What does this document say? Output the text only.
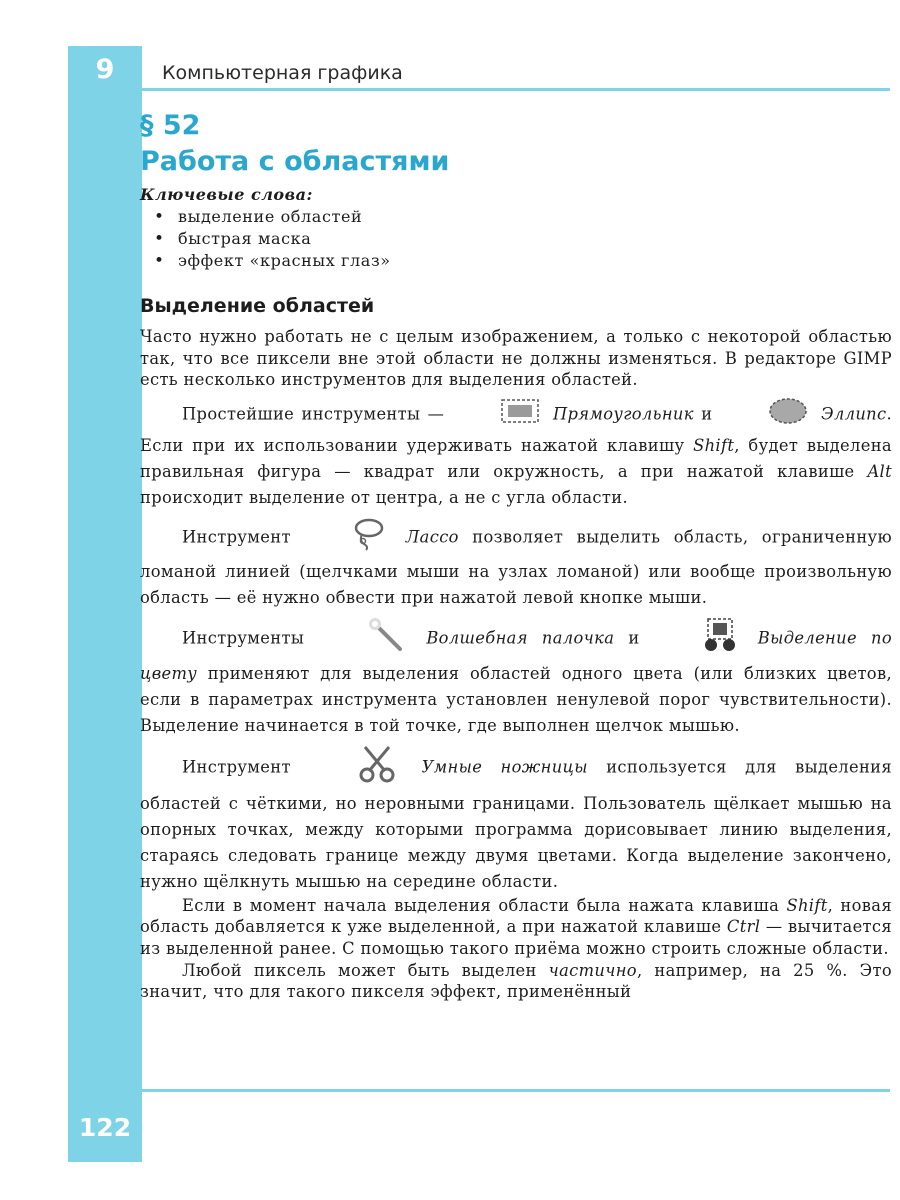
9	Компьютерная графика
§ 52
Работа с областями
Ключевые слова:
• выделение областей
• быстрая маска
• эффект «красных глаз»
Выделение областей

Часто нужно работать не с целым изображением, а только с некоторой областью так, что все пиксели вне этой области не должны изменяться. В редакторе GIMP есть несколько инструментов для выделения областей.

Простейшие инструменты —	Прямоугольник и	Эллипс. Если при их использовании удерживать нажатой клавишу Shift, будет выделена правильная фигура — квадрат или окружность, а при нажатой клавише Alt происходит выделение от центра, а не с угла области.

Инструмент	Лассо позволяет выделить область, ограниченную ломаной линией (щелчками мыши на узлах ломаной) или вообще произвольную область — её нужно обвести при нажатой левой кнопке мыши.

Инструменты	Волшебная палочка и	Выделение по цвету применяют для выделения областей одного цвета (или близких цветов, если в параметрах инструмента установлен ненулевой порог чувствительности). Выделение начинается в той точке, где выполнен щелчок мышью.

Инструмент	Умные ножницы используется для выделения областей с чёткими, но неровными границами. Пользователь щёлкает мышью на опорных точках, между которыми программа дорисовывает линию выделения, стараясь следовать границе между двумя цветами. Когда выделение закончено, нужно щёлкнуть мышью на середине области.

Если в момент начала выделения области была нажата клавиша Shift, новая область добавляется к уже выделенной, а при нажатой клавише Ctrl — вычитается из выделенной ранее. С помощью такого приёма можно строить сложные области.

Любой пиксель может быть выделен частично, например, на 25 %. Это значит, что для такого пикселя эффект, применённый

122
